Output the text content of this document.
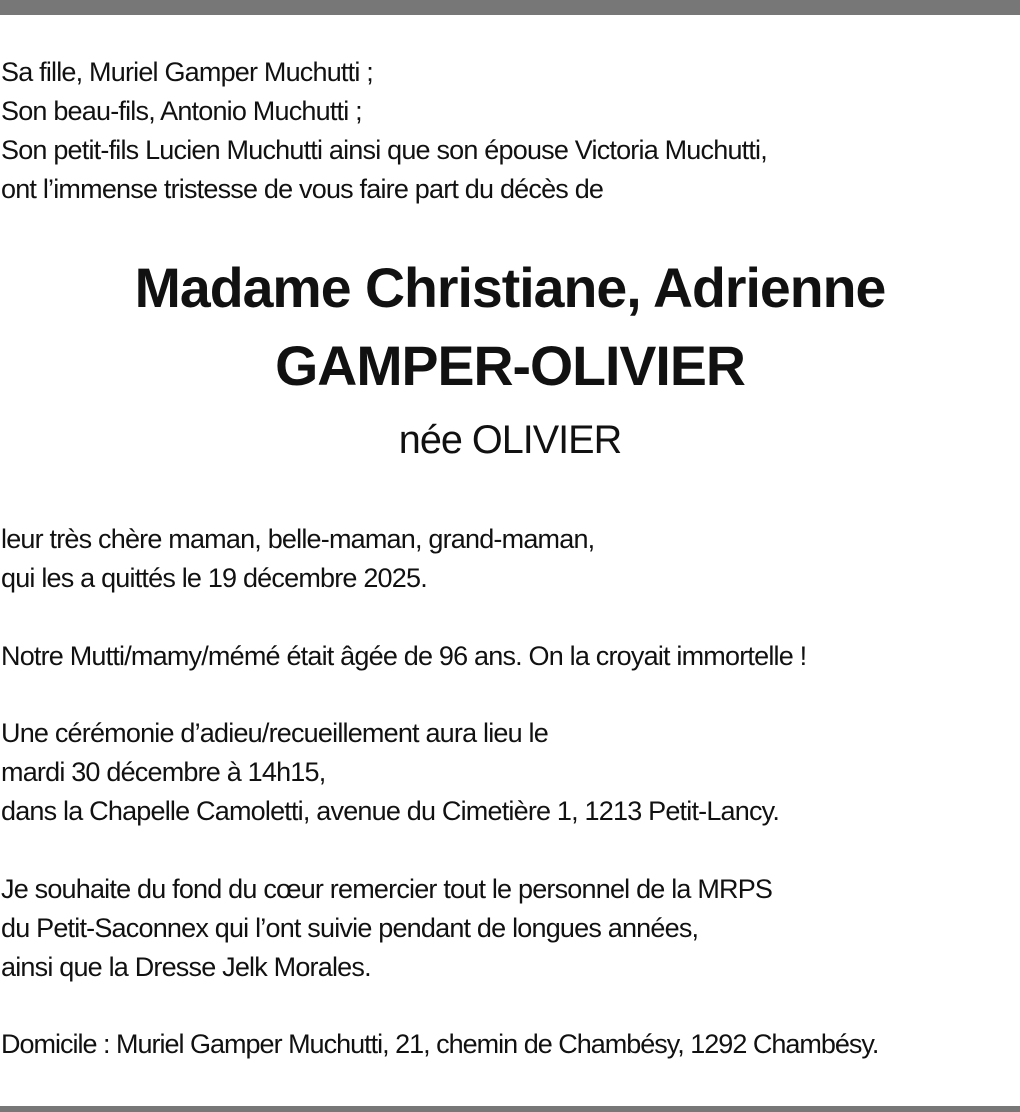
Sa fille, Muriel Gamper Muchutti ;
Son beau-fils, Antonio Muchutti ;
Son petit-fils Lucien Muchutti ainsi que son épouse Victoria Muchutti,
ont l’immense tristesse de vous faire part du décès de
Madame Christiane, Adrienne
GAMPER-OLIVIER
née OLIVIER
leur très chère maman, belle-maman, grand-maman,
qui les a quittés le 19 décembre 2025.
Notre Mutti/mamy/mémé était âgée de 96 ans. On la croyait immortelle !
Une cérémonie d’adieu/recueillement aura lieu le
mardi 30 décembre à 14h15,
dans la Chapelle Camoletti, avenue du Cimetière 1, 1213 Petit-Lancy.
Je souhaite du fond du cœur remercier tout le personnel de la MRPS
du Petit-Saconnex qui l’ont suivie pendant de longues années,
ainsi que la Dresse Jelk Morales.
Domicile : Muriel Gamper Muchutti, 21, chemin de Chambésy, 1292 Chambésy.
